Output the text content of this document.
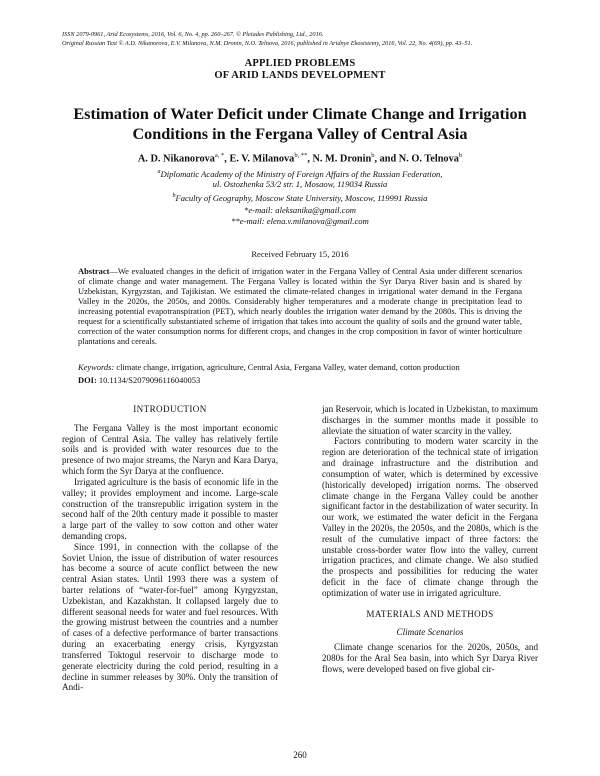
ISSN 2079-0961, Arid Ecosystems, 2016, Vol. 6, No. 4, pp. 260–267. © Pleiades Publishing, Ltd., 2016.
Original Russian Text © A.D. Nikanorova, E.V. Milanova, N.M. Dronin, N.O. Telnova, 2016, published in Aridnye Ekosistemy, 2016, Vol. 22, No. 4(69), pp. 43–51.
APPLIED PROBLEMS
OF ARID LANDS DEVELOPMENT
Estimation of Water Deficit under Climate Change and Irrigation
Conditions in the Fergana Valley of Central Asia
A. D. Nikanorova$^{a, *}$, E. V. Milanova$^{b, **}$, N. M. Dronin$^b$, and N. O. Telnova$^b$
$^a$Diplomatic Academy of the Ministry of Foreign Affairs of the Russian Federation,
ul. Ostozhenka 53/2 str. 1, Mosaow, 119034 Russia
$^b$Faculty of Geography, Moscow State University, Moscow, 119991 Russia
*e-mail: aleksanika@gmail.com
**e-mail: elena.v.milanova@gmail.com
Received February 15, 2016
Abstract—We evaluated changes in the deficit of irrigation water in the Fergana Valley of Central Asia under different scenarios of climate change and water management. The Fergana Valley is located within the Syr Darya River basin and is shared by Uzbekistan, Kyrgyzstan, and Tajikistan. We estimated the climate-related changes in irrigational water demand in the Fergana Valley in the 2020s, the 2050s, and 2080s. Considerably higher temperatures and a moderate change in precipitation lead to increasing potential evapotranspiration (PET), which nearly doubles the irrigation water demand by the 2080s. This is driving the request for a scientifically substantiated scheme of irrigation that takes into account the quality of soils and the ground water table, correction of the water consumption norms for different crops, and changes in the crop composition in favor of winter horticulture plantations and cereals.
Keywords: climate change, irrigation, agriculture, Central Asia, Fergana Valley, water demand, cotton production
DOI: 10.1134/S2079096116040053
INTRODUCTION

The Fergana Valley is the most important economic region of Central Asia. The valley has relatively fertile soils and is provided with water resources due to the presence of two major streams, the Naryn and Kara Darya, which form the Syr Darya at the confluence.

Irrigated agriculture is the basis of economic life in the valley; it provides employment and income. Large-scale construction of the transrepublic irrigation system in the second half of the 20th century made it possible to master a large part of the valley to sow cotton and other water demanding crops.

Since 1991, in connection with the collapse of the Soviet Union, the issue of distribution of water resources has become a source of acute conflict between the new central Asian states. Until 1993 there was a system of barter relations of “water-for-fuel” among Kyrgyzstan, Uzbekistan, and Kazakhstan. It collapsed largely due to different seasonal needs for water and fuel resources. With the growing mistrust between the countries and a number of cases of a defective performance of barter transactions during an exacerbating energy crisis, Kyrgyzstan transferred Toktogul reservoir to discharge mode to generate electricity during the cold period, resulting in a decline in summer releases by 30%. Only the transition of Andi-

jan Reservoir, which is located in Uzbekistan, to maximum discharges in the summer months made it possible to alleviate the situation of water scarcity in the valley.

Factors contributing to modern water scarcity in the region are deterioration of the technical state of irrigation and drainage infrastructure and the distribution and consumption of water, which is determined by excessive (historically developed) irrigation norms. The observed climate change in the Fergana Valley could be another significant factor in the destabilization of water security. In our work, we estimated the water deficit in the Fergana Valley in the 2020s, the 2050s, and the 2080s, which is the result of the cumulative impact of three factors: the unstable cross-border water flow into the valley, current irrigation practices, and climate change. We also studied the prospects and possibilities for reducing the water deficit in the face of climate change through the optimization of water use in irrigated agriculture.

MATERIALS AND METHODS
Climate Scenarios

Climate change scenarios for the 2020s, 2050s, and 2080s for the Aral Sea basin, into which Syr Darya River flows, were developed based on five global cir-

260
